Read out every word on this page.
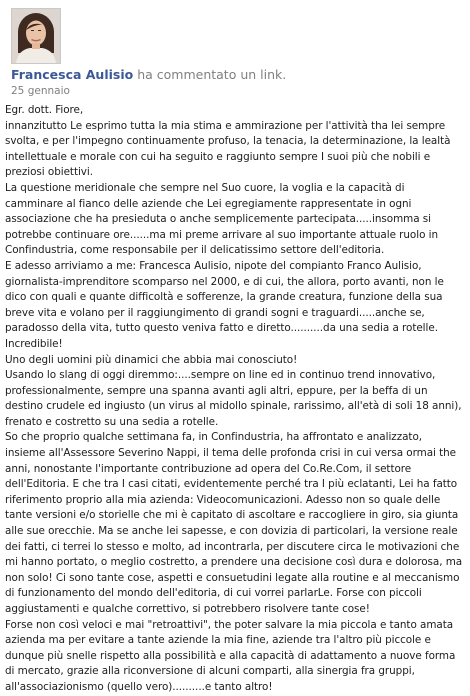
Francesca Aulisio ha commentato un link.
25 gennaio

Egr. dott. Fiore,

innanzitutto Le esprimo tutta la mia stima e ammirazione per l'attività tha lei sempre svolta, e per l'impegno continuamente profuso, la tenacia, la determinazione, la lealtà intellettuale e morale con cui ha seguito e raggiunto sempre I suoi più che nobili e preziosi obiettivi.

La questione meridionale che sempre nel Suo cuore, la voglia e la capacità di camminare al fianco delle aziende che Lei egregiamente rappresentate in ogni associazione che ha presieduta o anche semplicemente partecipata.....insomma si potrebbe continuare ore......ma mi preme arrivare al suo importante attuale ruolo in Confindustria, come responsabile per il delicatissimo settore dell'editoria.

E adesso arriviamo a me: Francesca Aulisio, nipote del compianto Franco Aulisio, giornalista-imprenditore scomparso nel 2000, e di cui, the allora, porto avanti, non le dico con quali e quante difficoltà e sofferenze, la grande creatura, funzione della sua breve vita e volano per il raggiungimento di grandi sogni e traguardi.....anche se, paradosso della vita, tutto questo veniva fatto e diretto..........da una sedia a rotelle.

Incredibile!

Uno degli uomini più dinamici che abbia mai conosciuto!

Usando lo slang di oggi diremmo:....sempre on line ed in continuo trend innovativo, professionalmente, sempre una spanna avanti agli altri, eppure, per la beffa di un destino crudele ed ingiusto (un virus al midollo spinale, rarissimo, all'età di soli 18 anni), frenato e costretto su una sedia a rotelle.

So che proprio qualche settimana fa, in Confindustria, ha affrontato e analizzato, insieme all'Assessore Severino Nappi, il tema delle profonda crisi in cui versa ormai the anni, nonostante l'importante contribuzione ad opera del Co.Re.Com, il settore dell'Editoria. E che tra I casi citati, evidentemente perché tra I più eclatanti, Lei ha fatto riferimento proprio alla mia azienda: Videocomunicazioni. Adesso non so quale delle tante versioni e/o storielle che mi è capitato di ascoltare e raccogliere in giro, sia giunta alle sue orecchie. Ma se anche lei sapesse, e con dovizia di particolari, la versione reale dei fatti, ci terrei lo stesso e molto, ad incontrarla, per discutere circa le motivazioni che mi hanno portato, o meglio costretto, a prendere una decisione così dura e dolorosa, ma non solo! Ci sono tante cose, aspetti e consuetudini legate alla routine e al meccanismo di funzionamento del mondo dell'editoria, di cui vorrei parlarLe. Forse con piccoli aggiustamenti e qualche correttivo, si potrebbero risolvere tante cose!

Forse non così veloci e mai "retroattivi", the poter salvare la mia piccola e tanto amata azienda ma per evitare a tante aziende la mia fine, aziende tra l'altro più piccole e dunque più snelle rispetto alla possibilità e alla capacità di adattamento a nuove forma di mercato, grazie alla riconversione di alcuni comparti, alla sinergia fra gruppi, all'associazionismo (quello vero)..........e tanto altro!
